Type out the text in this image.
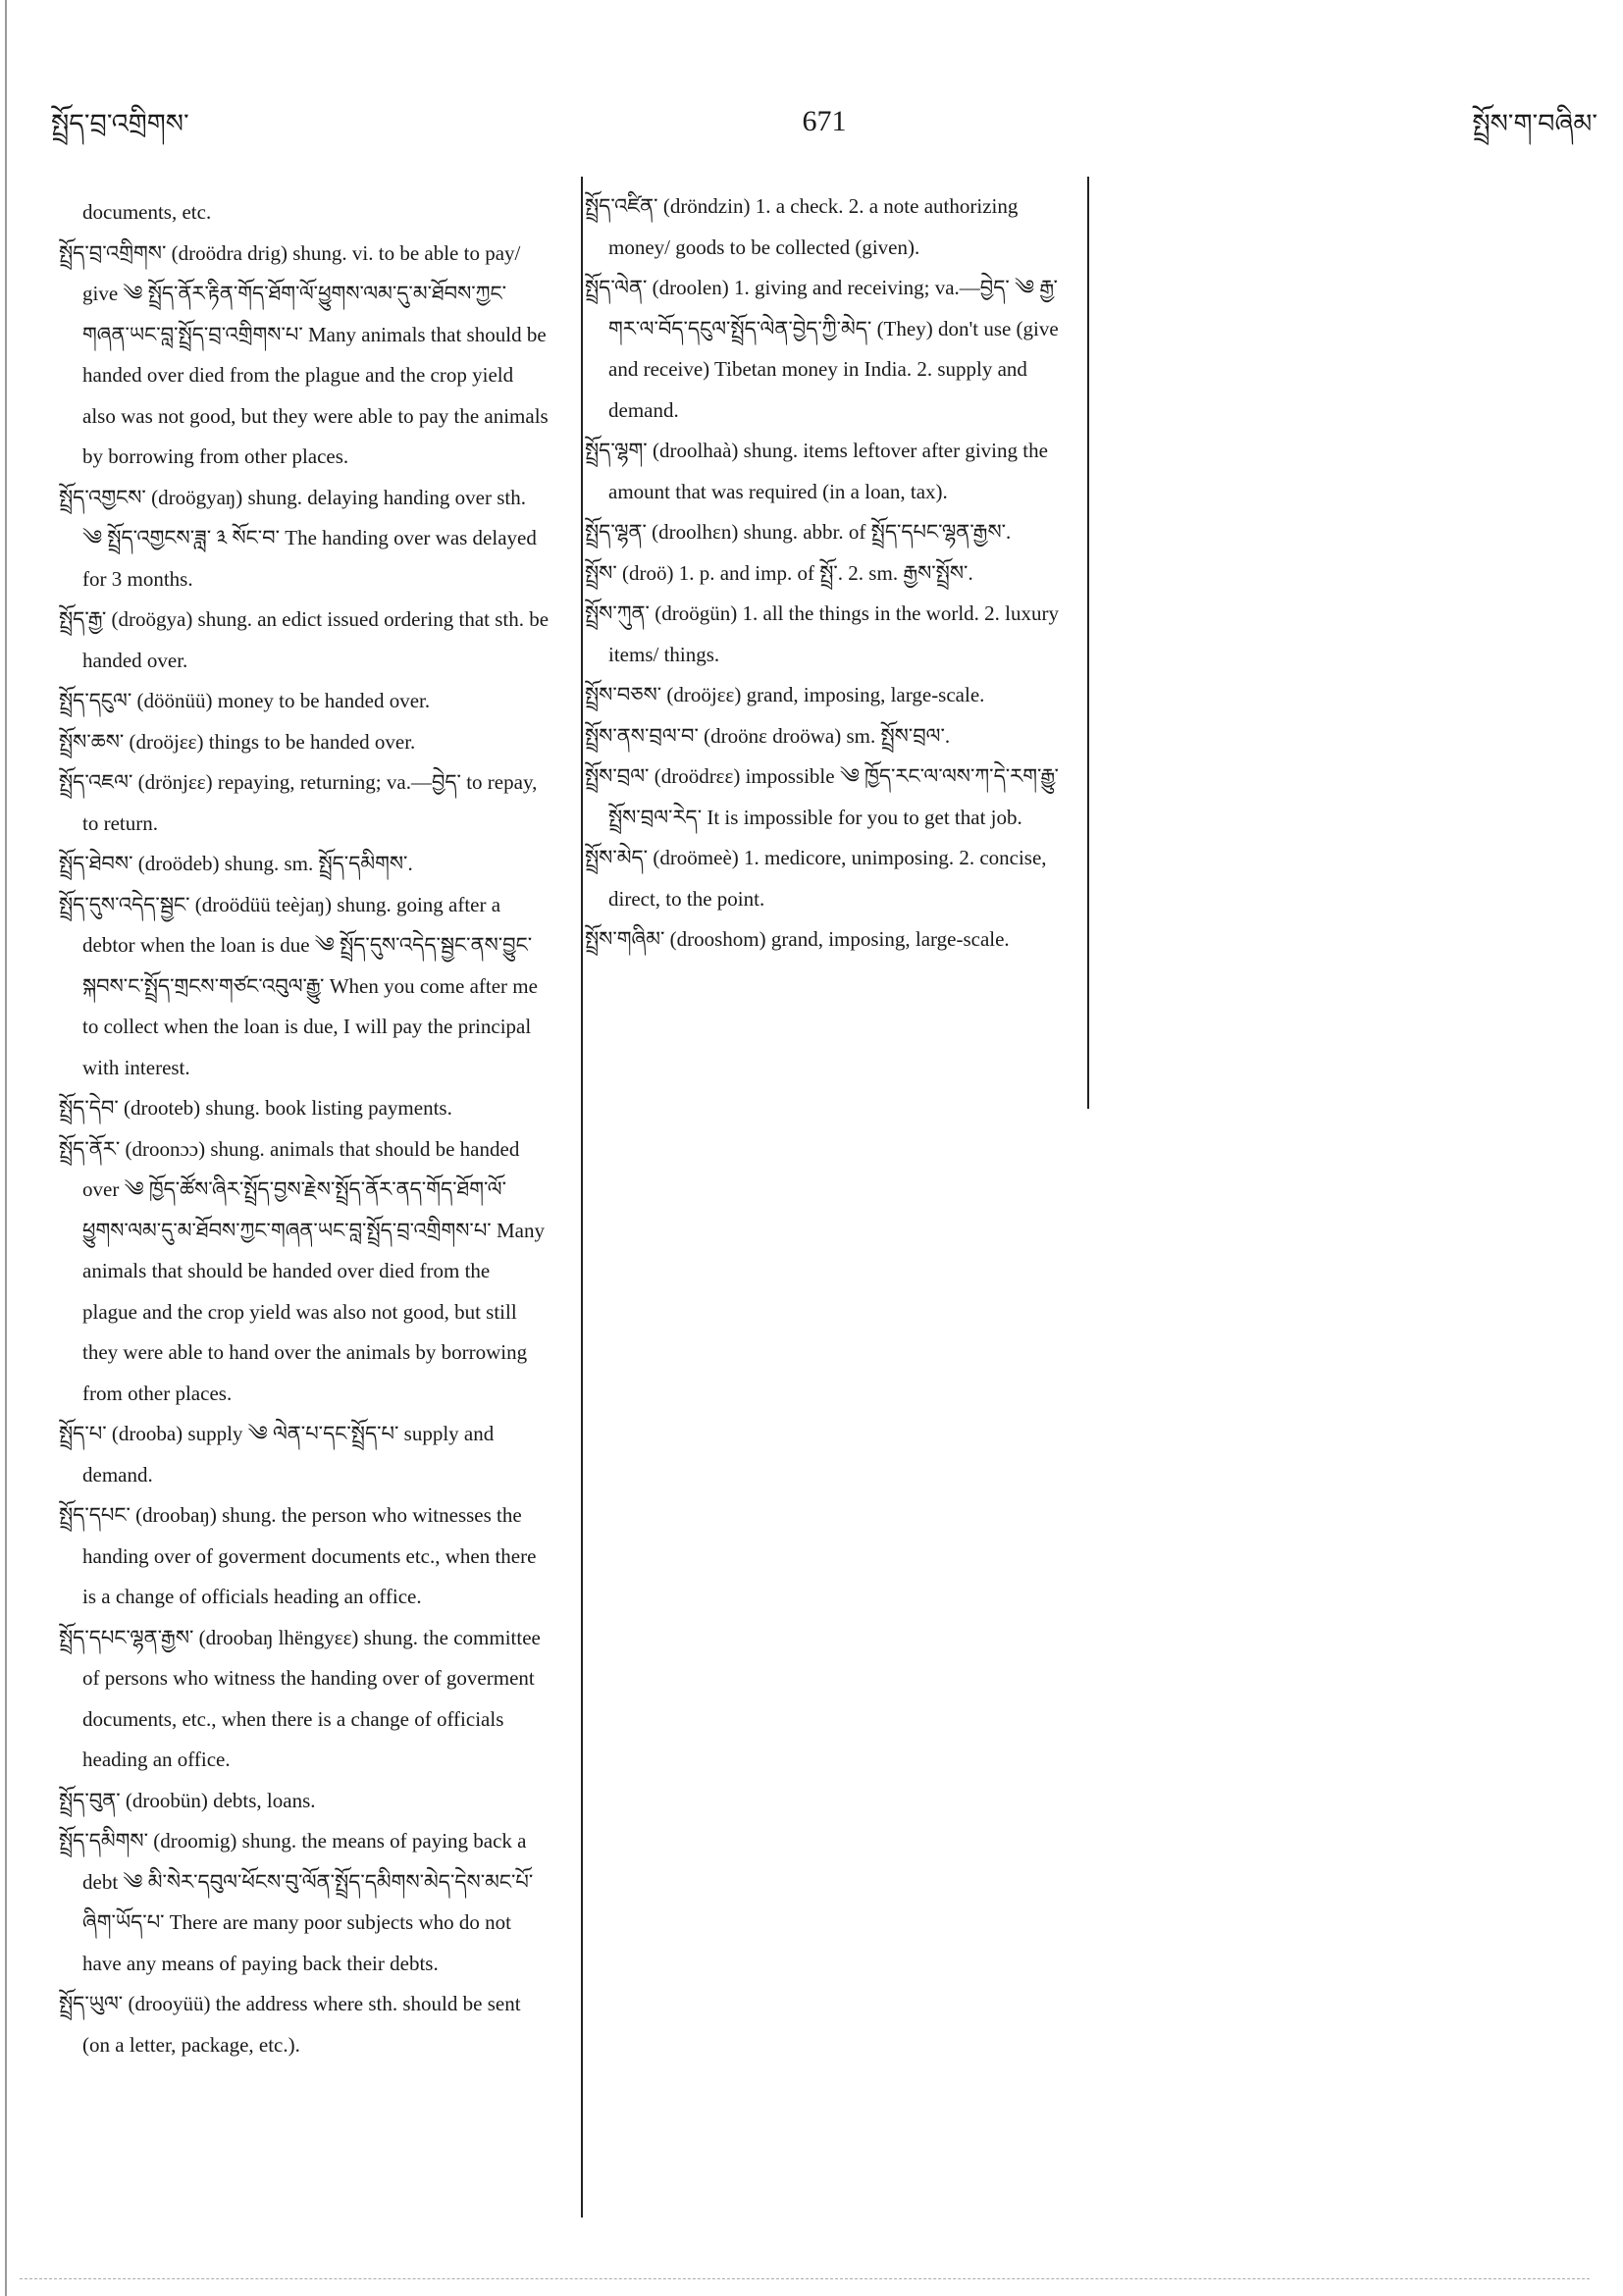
སྤྲོད་བྲ་འགྲིགས་	671	སྤྲོས་ག་བཞིམ་

documents, etc.

སྤྲོད་བྲ་འགྲིགས་ (droödra drig) shung. vi. to be able to pay/ give ༄ སྤྲོད་ནོར་རྟིན་གོད་ཐོག་ལོ་ཕྱུགས་ལམ་དུ་མ་ཐོབས་ཀྱང་གཞན་ཡང་བླ་སྤྲོད་བྲ་འགྲིགས་པ་ Many animals that should be handed over died from the plague and the crop yield also was not good, but they were able to pay the animals by borrowing from other places.

སྤྲོད་འགྱངས་ (droögyaŋ) shung. delaying handing over sth. ༄ སྤྲོད་འགྱངས་ཟླ་ ༣ སོང་བ་ The handing over was delayed for 3 months.

སྤྲོད་རྒྱ་ (droögya) shung. an edict issued ordering that sth. be handed over.

སྤྲོད་དངུལ་ (döönüü) money to be handed over.

སྤྲོས་ཆས་ (droöjεε) things to be handed over.

སྤྲོད་འཇལ་ (drönjεε) repaying, returning; va.—བྱེད་ to repay, to return.

སྤྲོད་ཐེབས་ (droödeb) shung. sm. སྤྲོད་དམིགས་.

སྤྲོད་དུས་འདེད་སྦྱང་ (droödüü teèjaŋ) shung. going after a debtor when the loan is due ༄ སྤྲོད་དུས་འདེད་སྦྱང་ནས་བྱུང་སྐབས་ང་སྤྲོད་གྲངས་གཙང་འབུལ་རྒྱུ་ When you come after me to collect when the loan is due, I will pay the principal with interest.

སྤྲོད་དེབ་ (drooteb) shung. book listing payments.

སྤྲོད་ནོར་ (droonɔɔ) shung. animals that should be handed over ༄ ཁྱོད་ཚོས་ཞིར་སྤྲོད་བྱས་རྗེས་སྤྲོད་ནོར་ནད་གོད་ཐོག་ལོ་ཕྱུགས་ལམ་དུ་མ་ཐོབས་ཀྱང་གཞན་ཡང་བླ་སྤྲོད་བྲ་འགྲིགས་པ་ Many animals that should be handed over died from the plague and the crop yield was also not good, but still they were able to hand over the animals by borrowing from other places.

སྤྲོད་པ་ (drooba) supply ༄ ལེན་པ་དང་སྤྲོད་པ་ supply and demand.

སྤྲོད་དཔང་ (droobaŋ) shung. the person who witnesses the handing over of goverment documents etc., when there is a change of officials heading an office.

སྤྲོད་དཔང་ལྷན་རྒྱས་ (droobaŋ lhëngyεε) shung. the committee of persons who witness the handing over of goverment documents, etc., when there is a change of officials heading an office.

སྤྲོད་བུན་ (droobün) debts, loans.

སྤྲོད་དམིགས་ (droomig) shung. the means of paying back a debt ༄ མི་སེར་དབུལ་ཕོངས་བུ་ལོན་སྤྲོད་དམིགས་མེད་དེས་མང་པོ་ཞིག་ཡོད་པ་ There are many poor subjects who do not have any means of paying back their debts.

སྤྲོད་ཡུལ་ (drooyüü) the address where sth. should be sent (on a letter, package, etc.).

སྤྲོད་འཛིན་ (dröndzin) 1. a check. 2. a note authorizing money/ goods to be collected (given).

སྤྲོད་ལེན་ (droolen) 1. giving and receiving; va.—བྱེད་ ༄ རྒྱ་གར་ལ་བོད་དངུལ་སྤྲོད་ལེན་བྱེད་ཀྱི་མེད་ (They) don't use (give and receive) Tibetan money in India. 2. supply and demand.

སྤྲོད་ལྷག་ (droolhaà) shung. items leftover after giving the amount that was required (in a loan, tax).

སྤྲོད་ལྷན་ (droolhεn) shung. abbr. of སྤྲོད་དཔང་ལྷན་རྒྱས་.

སྤྲོས་ (droö) 1. p. and imp. of སྤྲོ་. 2. sm. རྒྱས་སྤྲོས་.

སྤྲོས་ཀུན་ (droögün) 1. all the things in the world. 2. luxury items/ things.

སྤྲོས་བཅས་ (droöjεε) grand, imposing, large-scale.

སྤྲོས་ནས་བྲལ་བ་ (droönε droöwa) sm. སྤྲོས་བྲལ་.

སྤྲོས་བྲལ་ (droödrεε) impossible ༄ ཁྱོད་རང་ལ་ལས་ཀ་དེ་རག་རྒྱུ་སྤྲོས་བྲལ་རེད་ It is impossible for you to get that job.

སྤྲོས་མེད་ (droömeè) 1. medicore, unimposing. 2. concise, direct, to the point.

སྤྲོས་གཞིམ་ (drooshom) grand, imposing, large-scale.
